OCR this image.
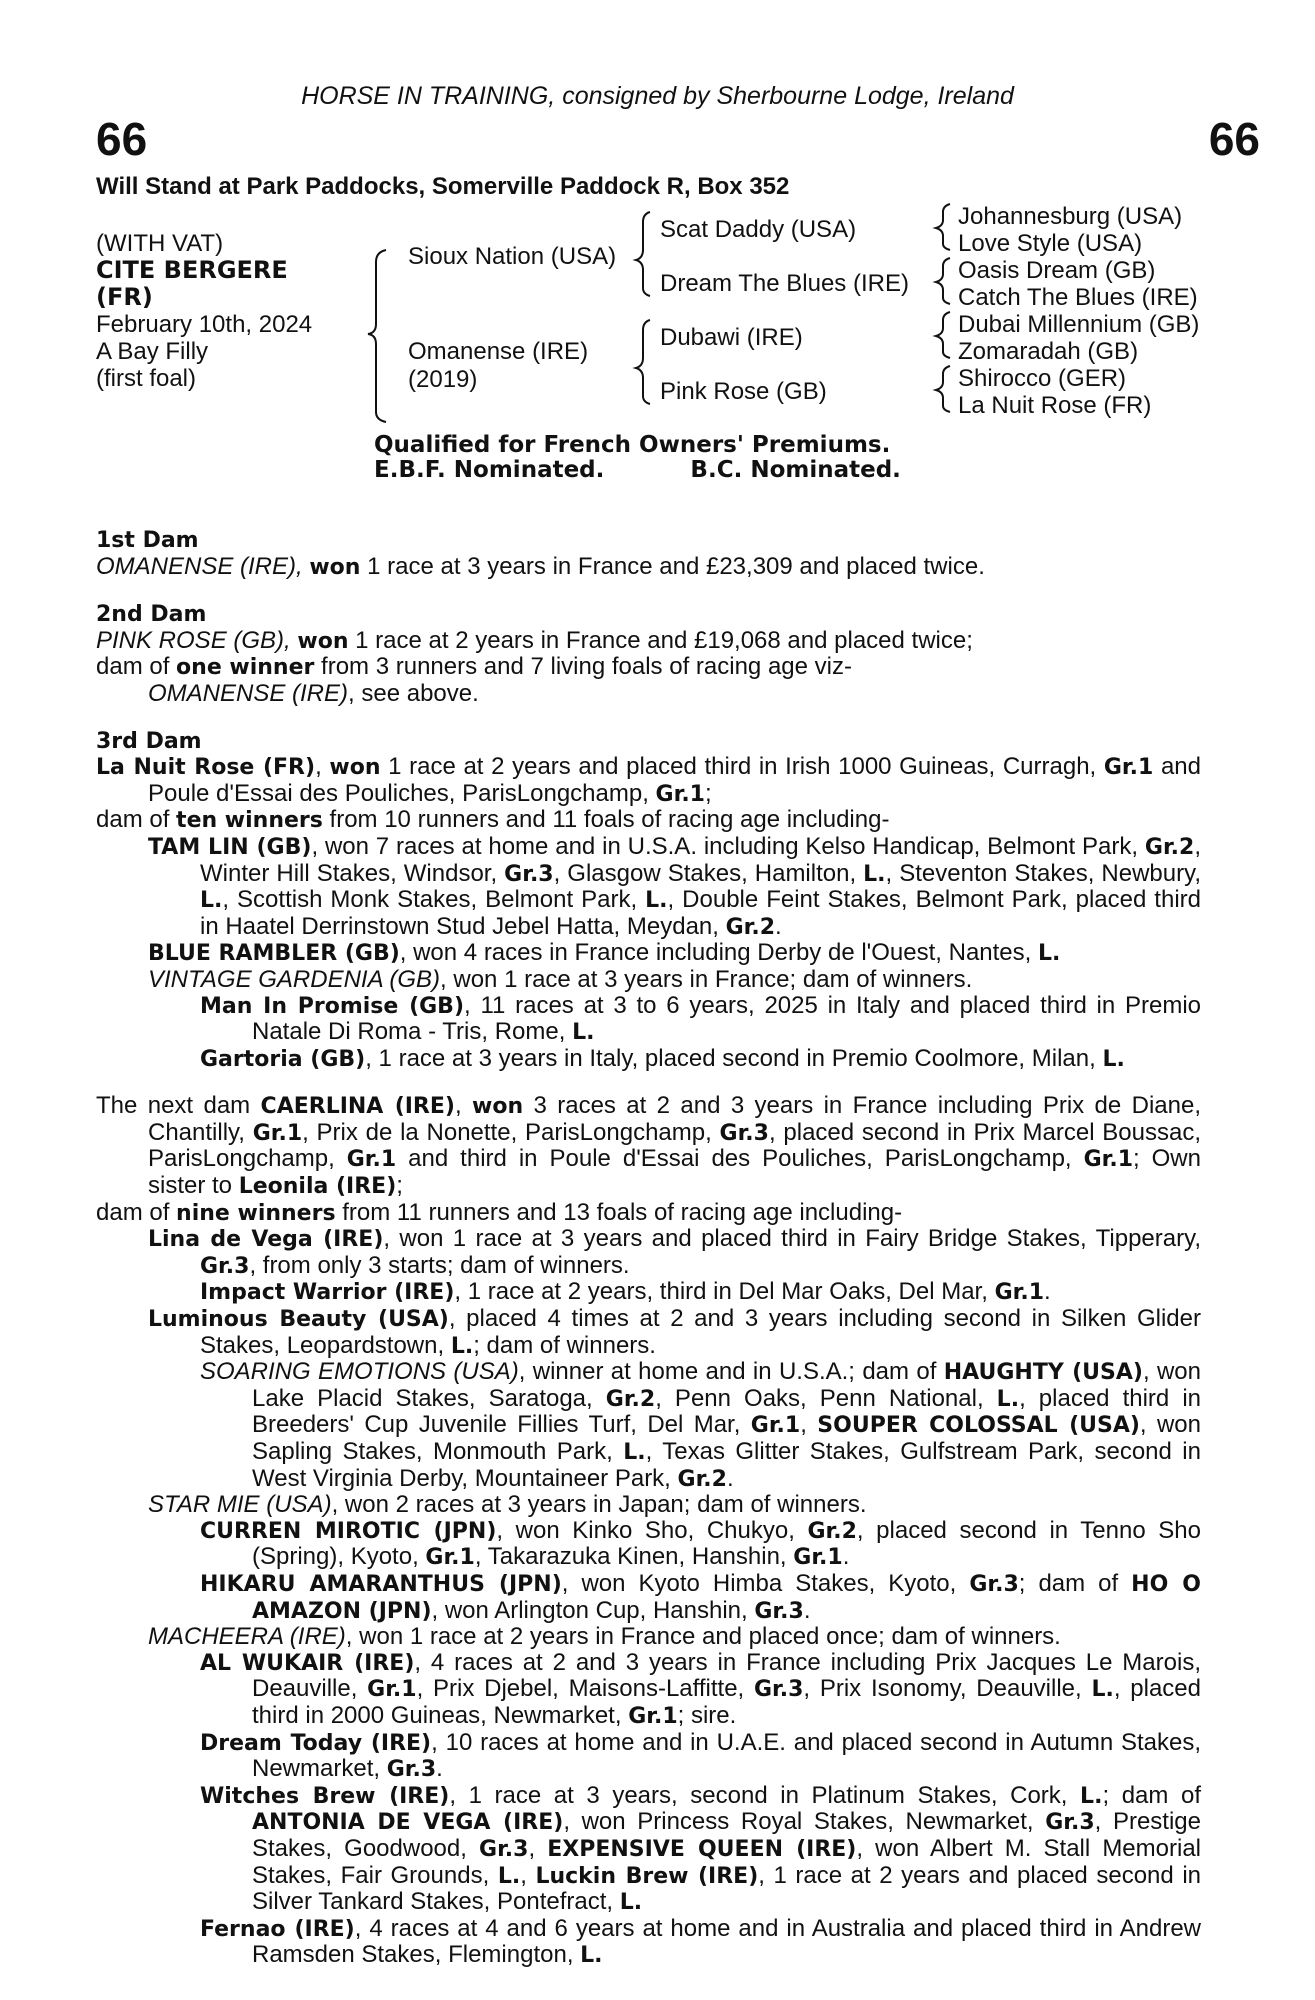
HORSE IN TRAINING, consigned by Sherbourne Lodge, Ireland
66	66
Will Stand at Park Paddocks, Somerville Paddock R, Box 352
(WITH VAT)
CITE BERGERE
(FR)
February 10th, 2024
A Bay Filly
(first foal)
Sioux Nation (USA)
Omanense (IRE)
(2019)
Scat Daddy (USA)
Dream The Blues (IRE)
Dubawi (IRE)
Pink Rose (GB)
Johannesburg (USA)
Love Style (USA)
Oasis Dream (GB)
Catch The Blues (IRE)
Dubai Millennium (GB)
Zomaradah (GB)
Shirocco (GER)
La Nuit Rose (FR)
Qualified for French Owners' Premiums.
E.B.F. Nominated.	B.C. Nominated.

1st Dam

OMANENSE (IRE), won 1 race at 3 years in France and £23,309 and placed twice.

2nd Dam

PINK ROSE (GB), won 1 race at 2 years in France and £19,068 and placed twice;

dam of one winner from 3 runners and 7 living foals of racing age viz-

OMANENSE (IRE), see above.

3rd Dam

La Nuit Rose (FR), won 1 race at 2 years and placed third in Irish 1000 Guineas, Curragh, Gr.1 and Poule d'Essai des Pouliches, ParisLongchamp, Gr.1;

dam of ten winners from 10 runners and 11 foals of racing age including-

TAM LIN (GB), won 7 races at home and in U.S.A. including Kelso Handicap, Belmont Park, Gr.2, Winter Hill Stakes, Windsor, Gr.3, Glasgow Stakes, Hamilton, L., Steventon Stakes, Newbury, L., Scottish Monk Stakes, Belmont Park, L., Double Feint Stakes, Belmont Park, placed third in Haatel Derrinstown Stud Jebel Hatta, Meydan, Gr.2.

BLUE RAMBLER (GB), won 4 races in France including Derby de l'Ouest, Nantes, L.

VINTAGE GARDENIA (GB), won 1 race at 3 years in France; dam of winners.

Man In Promise (GB), 11 races at 3 to 6 years, 2025 in Italy and placed third in Premio Natale Di Roma - Tris, Rome, L.

Gartoria (GB), 1 race at 3 years in Italy, placed second in Premio Coolmore, Milan, L.

The next dam CAERLINA (IRE), won 3 races at 2 and 3 years in France including Prix de Diane, Chantilly, Gr.1, Prix de la Nonette, ParisLongchamp, Gr.3, placed second in Prix Marcel Boussac, ParisLongchamp, Gr.1 and third in Poule d'Essai des Pouliches, ParisLongchamp, Gr.1; Own sister to Leonila (IRE);

dam of nine winners from 11 runners and 13 foals of racing age including-

Lina de Vega (IRE), won 1 race at 3 years and placed third in Fairy Bridge Stakes, Tipperary, Gr.3, from only 3 starts; dam of winners.

Impact Warrior (IRE), 1 race at 2 years, third in Del Mar Oaks, Del Mar, Gr.1.

Luminous Beauty (USA), placed 4 times at 2 and 3 years including second in Silken Glider Stakes, Leopardstown, L.; dam of winners.

SOARING EMOTIONS (USA), winner at home and in U.S.A.; dam of HAUGHTY (USA), won Lake Placid Stakes, Saratoga, Gr.2, Penn Oaks, Penn National, L., placed third in Breeders' Cup Juvenile Fillies Turf, Del Mar, Gr.1, SOUPER COLOSSAL (USA), won Sapling Stakes, Monmouth Park, L., Texas Glitter Stakes, Gulfstream Park, second in West Virginia Derby, Mountaineer Park, Gr.2.

STAR MIE (USA), won 2 races at 3 years in Japan; dam of winners.

CURREN MIROTIC (JPN), won Kinko Sho, Chukyo, Gr.2, placed second in Tenno Sho (Spring), Kyoto, Gr.1, Takarazuka Kinen, Hanshin, Gr.1.

HIKARU AMARANTHUS (JPN), won Kyoto Himba Stakes, Kyoto, Gr.3; dam of HO O AMAZON (JPN), won Arlington Cup, Hanshin, Gr.3.

MACHEERA (IRE), won 1 race at 2 years in France and placed once; dam of winners.

AL WUKAIR (IRE), 4 races at 2 and 3 years in France including Prix Jacques Le Marois, Deauville, Gr.1, Prix Djebel, Maisons-Laffitte, Gr.3, Prix Isonomy, Deauville, L., placed third in 2000 Guineas, Newmarket, Gr.1; sire.

Dream Today (IRE), 10 races at home and in U.A.E. and placed second in Autumn Stakes, Newmarket, Gr.3.

Witches Brew (IRE), 1 race at 3 years, second in Platinum Stakes, Cork, L.; dam of ANTONIA DE VEGA (IRE), won Princess Royal Stakes, Newmarket, Gr.3, Prestige Stakes, Goodwood, Gr.3, EXPENSIVE QUEEN (IRE), won Albert M. Stall Memorial Stakes, Fair Grounds, L., Luckin Brew (IRE), 1 race at 2 years and placed second in Silver Tankard Stakes, Pontefract, L.

Fernao (IRE), 4 races at 4 and 6 years at home and in Australia and placed third in Andrew Ramsden Stakes, Flemington, L.
